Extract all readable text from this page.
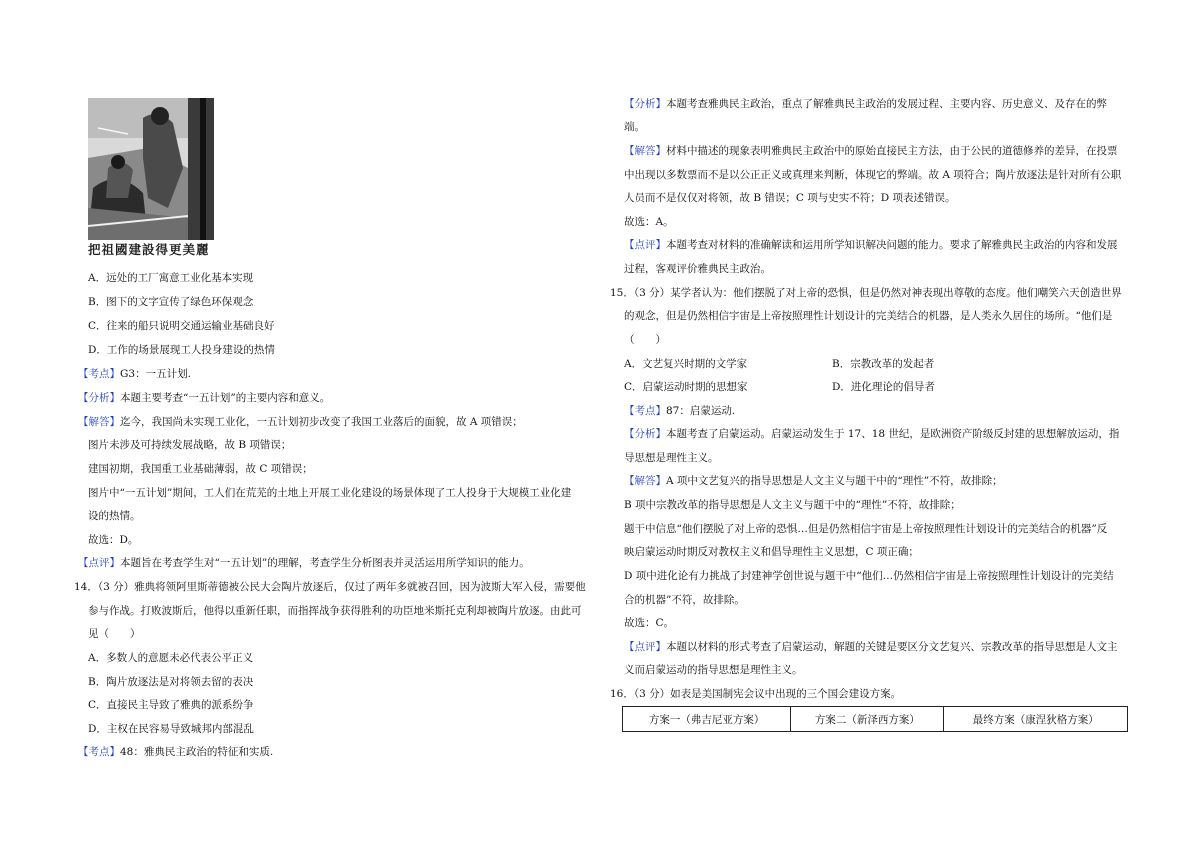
把祖國建設得更美麗
A．远处的工厂寓意工业化基本实现
B．图下的文字宣传了绿色环保观念
C．往来的船只说明交通运输业基础良好
D．工作的场景展现工人投身建设的热情
【考点】G3：一五计划.
【分析】本题主要考查“一五计划”的主要内容和意义。
【解答】迄今，我国尚未实现工业化，一五计划初步改变了我国工业落后的面貌，故 A 项错误；
图片未涉及可持续发展战略，故 B 项错误；
建国初期，我国重工业基础薄弱，故 C 项错误；
图片中“一五计划”期间，工人们在荒芜的土地上开展工业化建设的场景体现了工人投身于大规模工业化建
设的热情。
故选：D。
【点评】本题旨在考查学生对“一五计划”的理解，考查学生分析图表并灵活运用所学知识的能力。
14．（3 分）雅典将领阿里斯蒂德被公民大会陶片放逐后，仅过了两年多就被召回，因为波斯大军入侵，需要他
参与作战。打败波斯后，他得以重新任职，而指挥战争获得胜利的功臣地米斯托克利却被陶片放逐。由此可
见（　　）
A．多数人的意愿未必代表公平正义
B．陶片放逐法是对将领去留的表决
C．直接民主导致了雅典的派系纷争
D．主权在民容易导致城邦内部混乱
【考点】48：雅典民主政治的特征和实质.
【分析】本题考查雅典民主政治，重点了解雅典民主政治的发展过程、主要内容、历史意义、及存在的弊
端。
【解答】材料中描述的现象表明雅典民主政治中的原始直接民主方法，由于公民的道德修养的差异，在投票
中出现以多数票而不是以公正正义或真理来判断，体现它的弊端。故 A 项符合；陶片放逐法是针对所有公职
人员而不是仅仅对将领，故 B 错误；C 项与史实不符；D 项表述错误。
故选：A。
【点评】本题考查对材料的准确解读和运用所学知识解决问题的能力。要求了解雅典民主政治的内容和发展
过程，客观评价雅典民主政治。
15．（3 分）某学者认为：他们摆脱了对上帝的恐惧，但是仍然对神表现出尊敬的态度。他们嘲笑六天创造世界
的观念，但是仍然相信宇宙是上帝按照理性计划设计的完美结合的机器，是人类永久居住的场所。“他们是
（　　）
A．文艺复兴时期的文学家	B．宗教改革的发起者
C．启蒙运动时期的思想家	D．进化理论的倡导者
【考点】87：启蒙运动.
【分析】本题考查了启蒙运动。启蒙运动发生于 17、18 世纪，是欧洲资产阶级反封建的思想解放运动，指
导思想是理性主义。
【解答】A 项中文艺复兴的指导思想是人文主义与题干中的“理性”不符，故排除；
B 项中宗教改革的指导思想是人文主义与题干中的“理性”不符，故排除；
题干中信息“他们摆脱了对上帝的恐惧…但是仍然相信宇宙是上帝按照理性计划设计的完美结合的机器”反
映启蒙运动时期反对教权主义和倡导理性主义思想，C 项正确；
D 项中进化论有力挑战了封建神学创世说与题干中“他们…仍然相信宇宙是上帝按照理性计划设计的完美结
合的机器”不符，故排除。
故选：C。
【点评】本题以材料的形式考查了启蒙运动，解题的关键是要区分文艺复兴、宗教改革的指导思想是人文主
义而启蒙运动的指导思想是理性主义。
16．（3 分）如表是美国制宪会议中出现的三个国会建设方案。
方案一（弗吉尼亚方案）	方案二（新泽西方案）	最终方案（康涅狄格方案）
